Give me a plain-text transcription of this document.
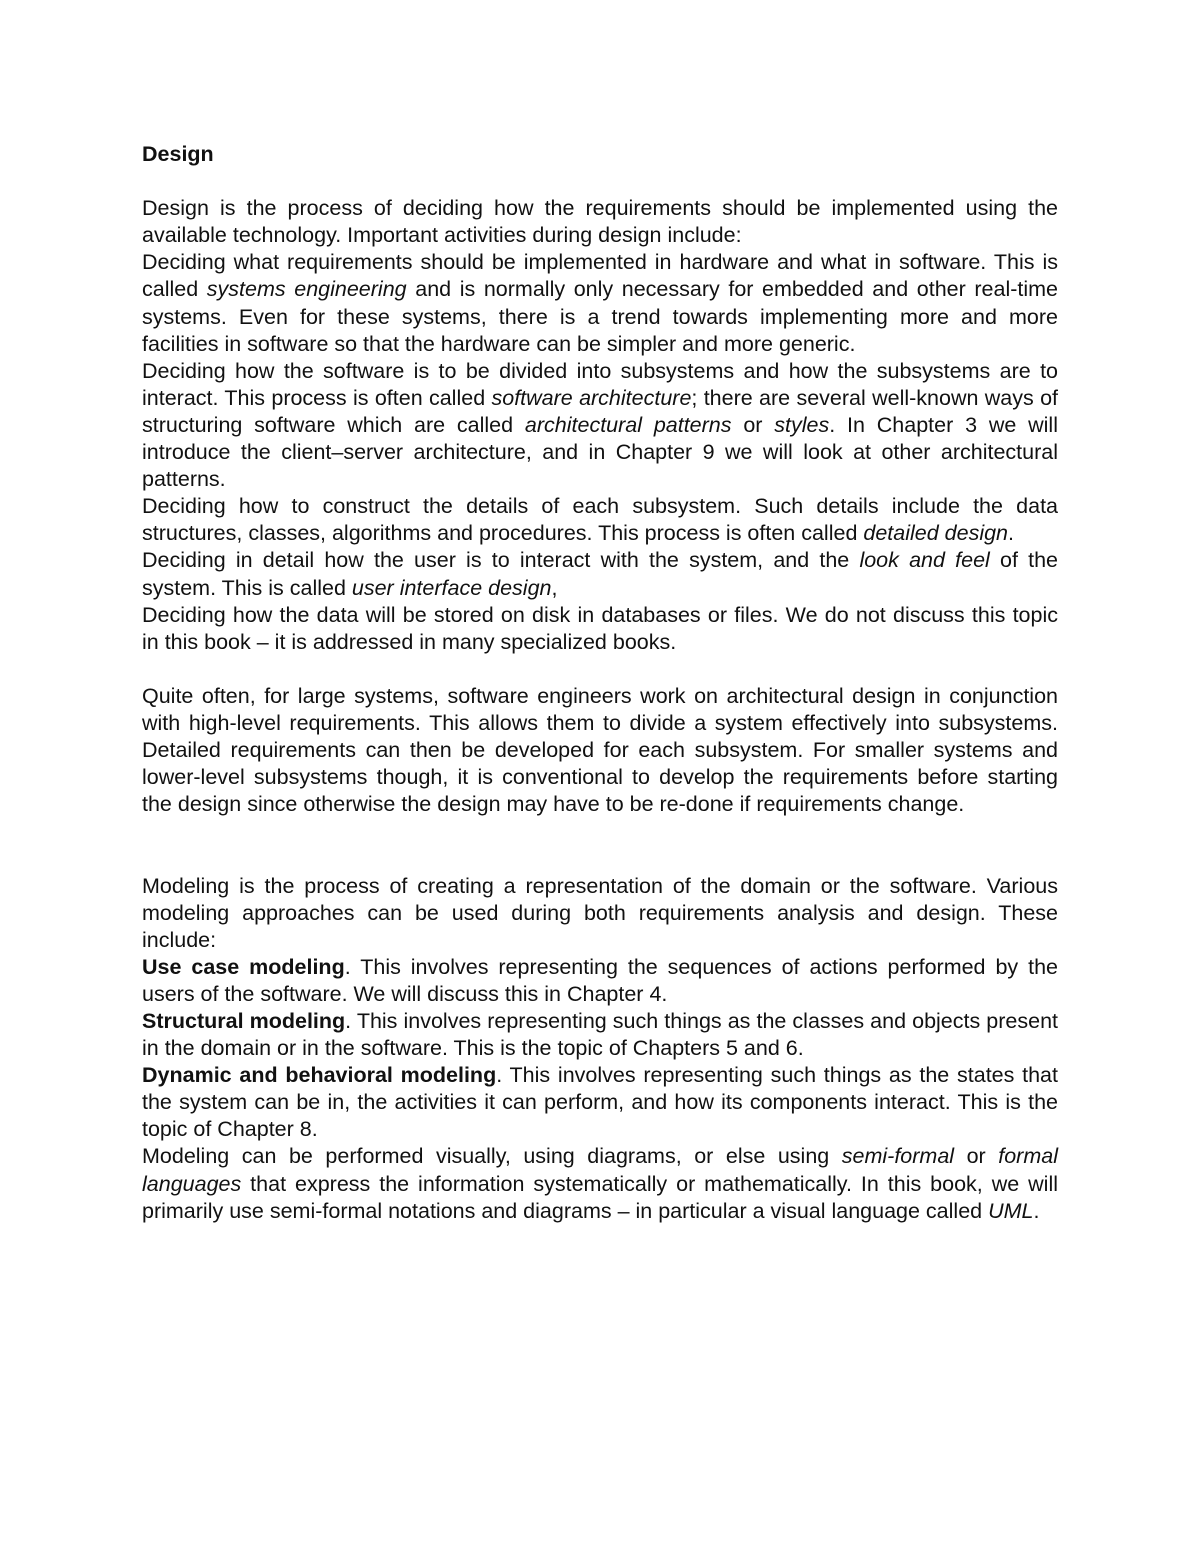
Design

Design is the process of deciding how the requirements should be implemented using the available technology. Important activities during design include:

Deciding what requirements should be implemented in hardware and what in software. This is called systems engineering and is normally only necessary for embedded and other real-time systems. Even for these systems, there is a trend towards implementing more and more facilities in software so that the hardware can be simpler and more generic.

Deciding how the software is to be divided into subsystems and how the subsystems are to interact. This process is often called software architecture; there are several well-known ways of structuring software which are called architectural patterns or styles. In Chapter 3 we will introduce the client–server architecture, and in Chapter 9 we will look at other architectural patterns.

Deciding how to construct the details of each subsystem. Such details include the data structures, classes, algorithms and procedures. This process is often called detailed design.

Deciding in detail how the user is to interact with the system, and the look and feel of the system. This is called user interface design,

Deciding how the data will be stored on disk in databases or files. We do not discuss this topic in this book – it is addressed in many specialized books.

Quite often, for large systems, software engineers work on architectural design in conjunction with high-level requirements. This allows them to divide a system effectively into subsystems. Detailed requirements can then be developed for each subsystem. For smaller systems and lower-level subsystems though, it is conventional to develop the requirements before starting the design since otherwise the design may have to be re-done if requirements change.

Modeling is the process of creating a representation of the domain or the software. Various modeling approaches can be used during both requirements analysis and design. These include:

Use case modeling. This involves representing the sequences of actions performed by the users of the software. We will discuss this in Chapter 4.

Structural modeling. This involves representing such things as the classes and objects present in the domain or in the software. This is the topic of Chapters 5 and 6.

Dynamic and behavioral modeling. This involves representing such things as the states that the system can be in, the activities it can perform, and how its components interact. This is the topic of Chapter 8.

Modeling can be performed visually, using diagrams, or else using semi-formal or formal languages that express the information systematically or mathematically. In this book, we will primarily use semi-formal notations and diagrams – in particular a visual language called UML.
